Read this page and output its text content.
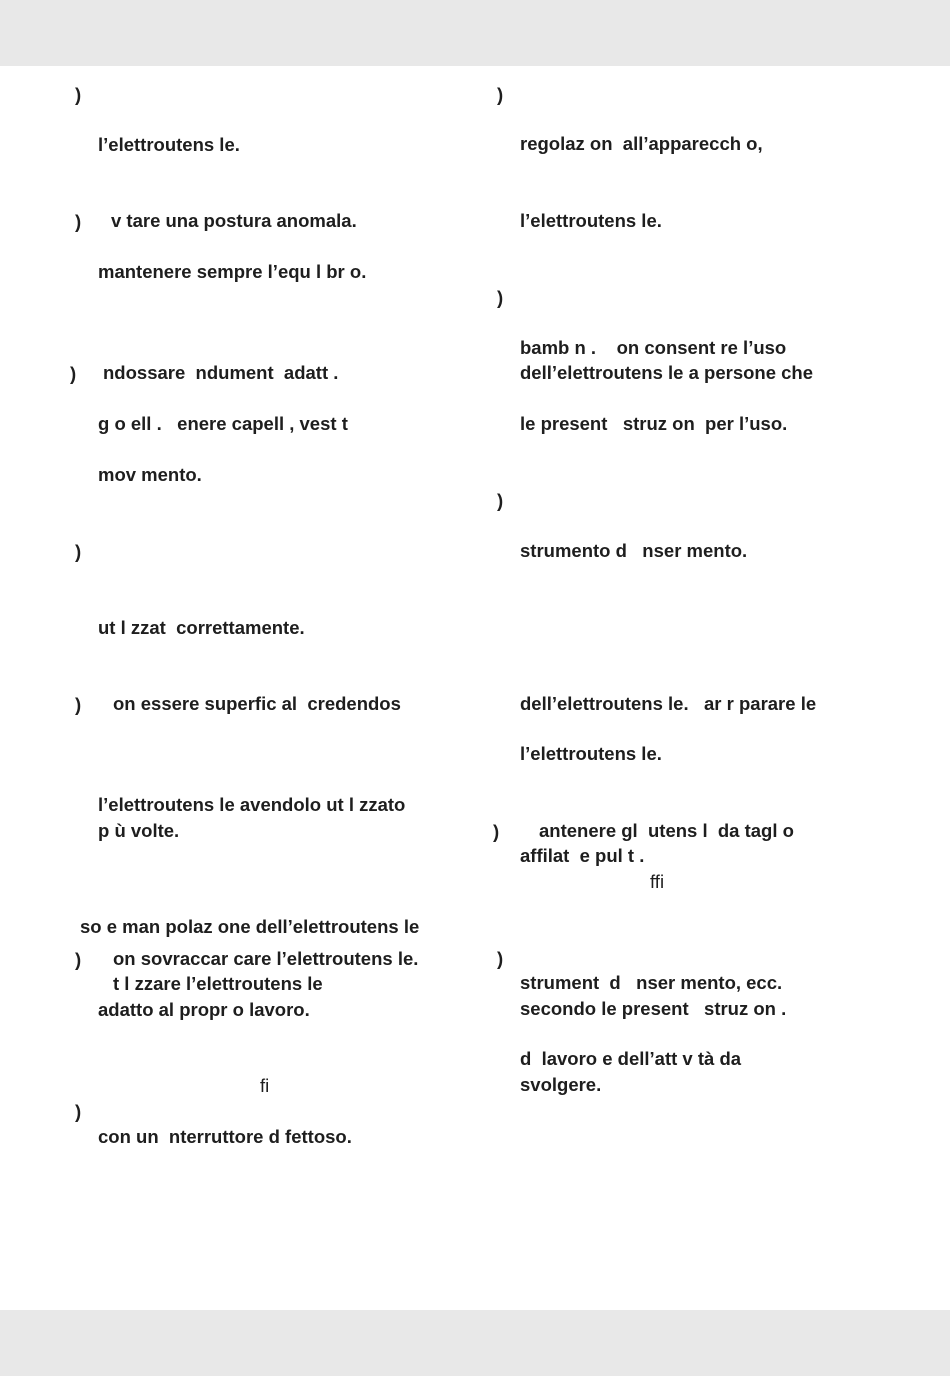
)
l’elettroutens le.
) v tare una postura anomala.
mantenere sempre l’equ l br o.
) ndossare  ndument  adatt .
g o ell .   enere capell , vest t
mov mento.
)
ut l zzat  correttamente.
) on essere superfic al  credendos
l’elettroutens le avendolo ut l zzato
p ù volte.
so e man polaz one dell’elettroutens le
) on sovraccar care l’elettroutens le.
t l zzare l’elettroutens le
adatto al propr o lavoro.
fi
)
con un  nterruttore d fettoso.
)
regolaz on  all’apparecch o,
l’elettroutens le.
)
bamb n .    on consent re l’uso
dell’elettroutens le a persone che
le present   struz on  per l’uso.
)
strumento d   nser mento.
dell’elettroutens le.   ar r parare le
l’elettroutens le.
) antenere gl  utens l  da tagl o
affilat  e pul t .
ffi
)
strument  d   nser mento, ecc.
secondo le present   struz on .
d  lavoro e dell’att v tà da
svolgere.
